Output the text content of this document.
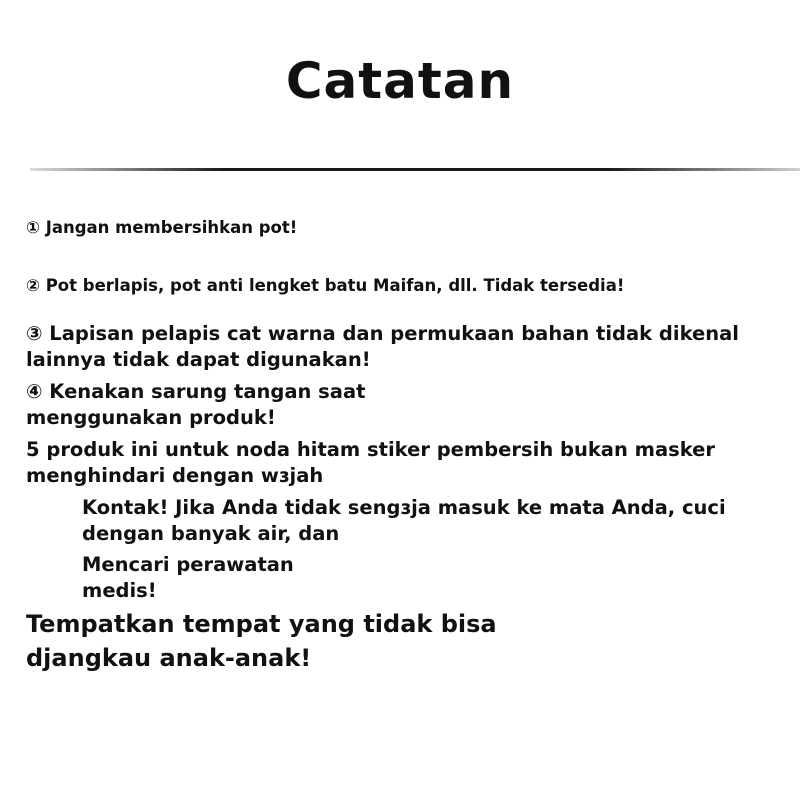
Catatan

① Jangan membersihkan pot!

② Pot berlapis, pot anti lengket batu Maifan, dll. Tidak tersedia!

③ Lapisan pelapis cat warna dan permukaan bahan tidak dikenal

lainnya tidak dapat digunakan!

④ Kenakan sarung tangan saat

menggunakan produk!

5 produk ini untuk noda hitam stiker pembersih bukan masker

menghindari dengan wɜjah

Kontak! Jika Anda tidak sengɜja masuk ke mata Anda, cuci

dengan banyak air, dan

Mencari perawatan

medis!

Tempatkan tempat yang tidak bisa

djangkau anak-anak!
